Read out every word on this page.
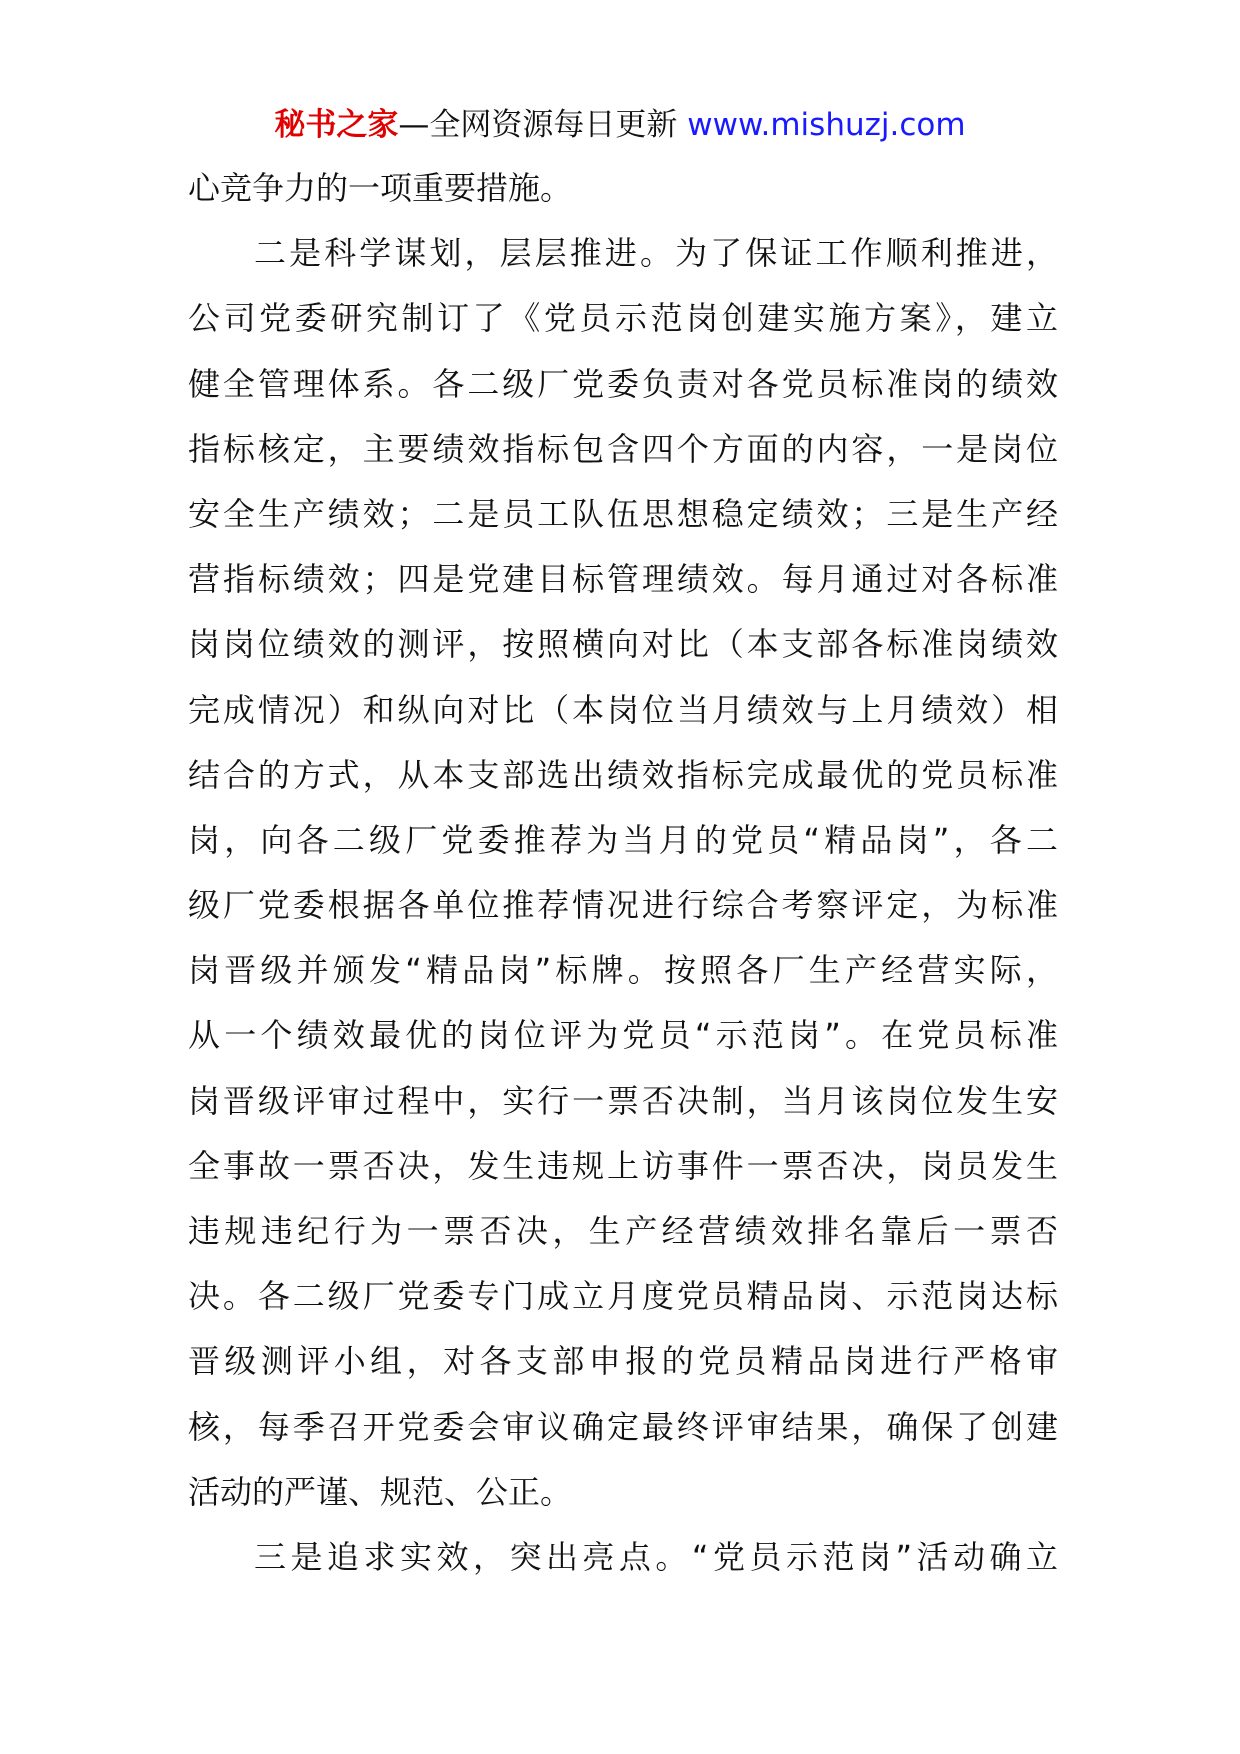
秘书之家—全网资源每日更新 www.mishuzj.com
心竞争力的一项重要措施。
二是科学谋划，层层推进。为了保证工作顺利推进，
公司党委研究制订了《党员示范岗创建实施方案》，建立
健全管理体系。各二级厂党委负责对各党员标准岗的绩效
指标核定，主要绩效指标包含四个方面的内容，一是岗位
安全生产绩效；二是员工队伍思想稳定绩效；三是生产经
营指标绩效；四是党建目标管理绩效。每月通过对各标准
岗岗位绩效的测评，按照横向对比（本支部各标准岗绩效
完成情况）和纵向对比（本岗位当月绩效与上月绩效）相
结合的方式，从本支部选出绩效指标完成最优的党员标准
岗，向各二级厂党委推荐为当月的党员“精品岗”，各二
级厂党委根据各单位推荐情况进行综合考察评定，为标准
岗晋级并颁发“精品岗”标牌。按照各厂生产经营实际，
从一个绩效最优的岗位评为党员“示范岗”。在党员标准
岗晋级评审过程中，实行一票否决制，当月该岗位发生安
全事故一票否决，发生违规上访事件一票否决，岗员发生
违规违纪行为一票否决，生产经营绩效排名靠后一票否
决。各二级厂党委专门成立月度党员精品岗、示范岗达标
晋级测评小组，对各支部申报的党员精品岗进行严格审
核，每季召开党委会审议确定最终评审结果，确保了创建
活动的严谨、规范、公正。
三是追求实效，突出亮点。“党员示范岗”活动确立
